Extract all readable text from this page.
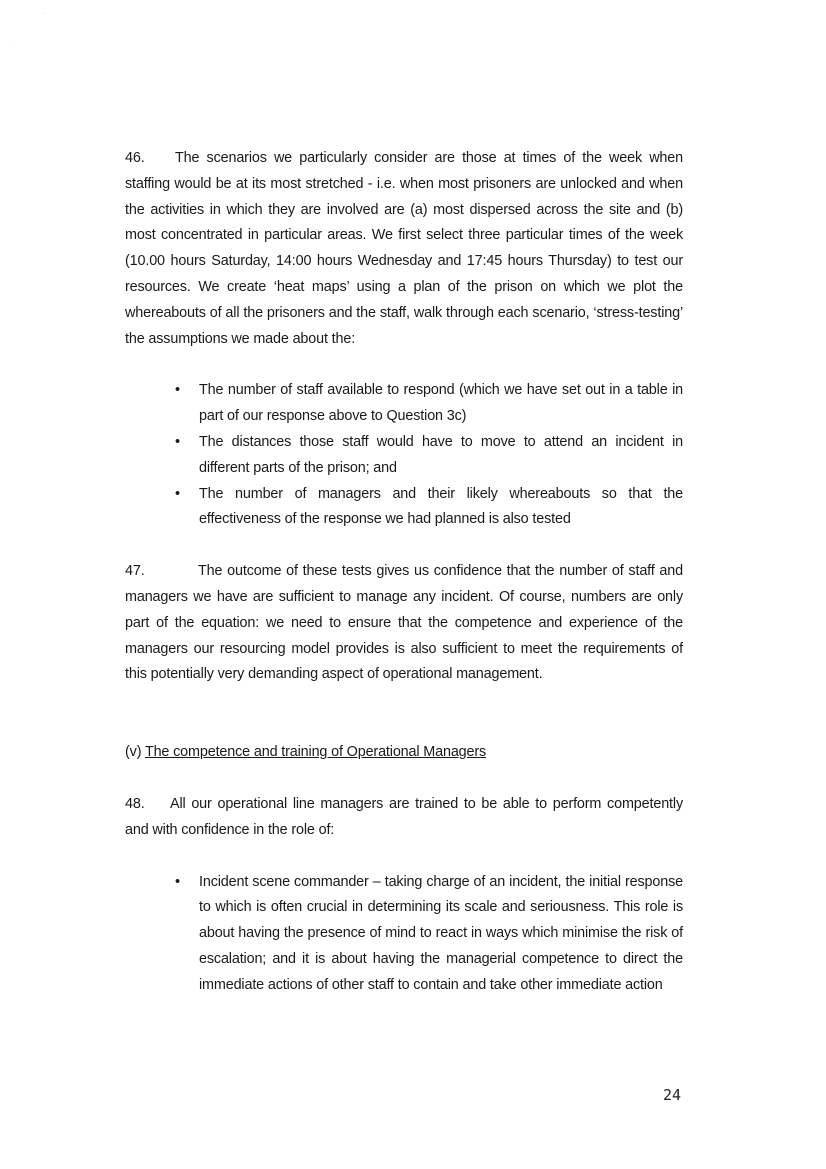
`
·

46. The scenarios we particularly consider are those at times of the week when staffing would be at its most stretched - i.e. when most prisoners are unlocked and when the activities in which they are involved are (a) most dispersed across the site and (b) most concentrated in particular areas. We first select three particular times of the week (10.00 hours Saturday, 14:00 hours Wednesday and 17:45 hours Thursday) to test our resources. We create ‘heat maps’ using a plan of the prison on which we plot the whereabouts of all the prisoners and the staff, walk through each scenario, ‘stress-testing’ the assumptions we made about the:

• The number of staff available to respond (which we have set out in a table in part of our response above to Question 3c)
• The distances those staff would have to move to attend an incident in different parts of the prison; and
• The number of managers and their likely whereabouts so that the effectiveness of the response we had planned is also tested

47.	The outcome of these tests gives us confidence that the number of staff and managers we have are sufficient to manage any incident. Of course, numbers are only part of the equation: we need to ensure that the competence and experience of the managers our resourcing model provides is also sufficient to meet the requirements of this potentially very demanding aspect of operational management.

(v) The competence and training of Operational Managers

48. All our operational line managers are trained to be able to perform competently and with confidence in the role of:

• Incident scene commander – taking charge of an incident, the initial response to which is often crucial in determining its scale and seriousness. This role is about having the presence of mind to react in ways which minimise the risk of escalation; and it is about having the managerial competence to direct the immediate actions of other staff to contain and take other immediate action
24
